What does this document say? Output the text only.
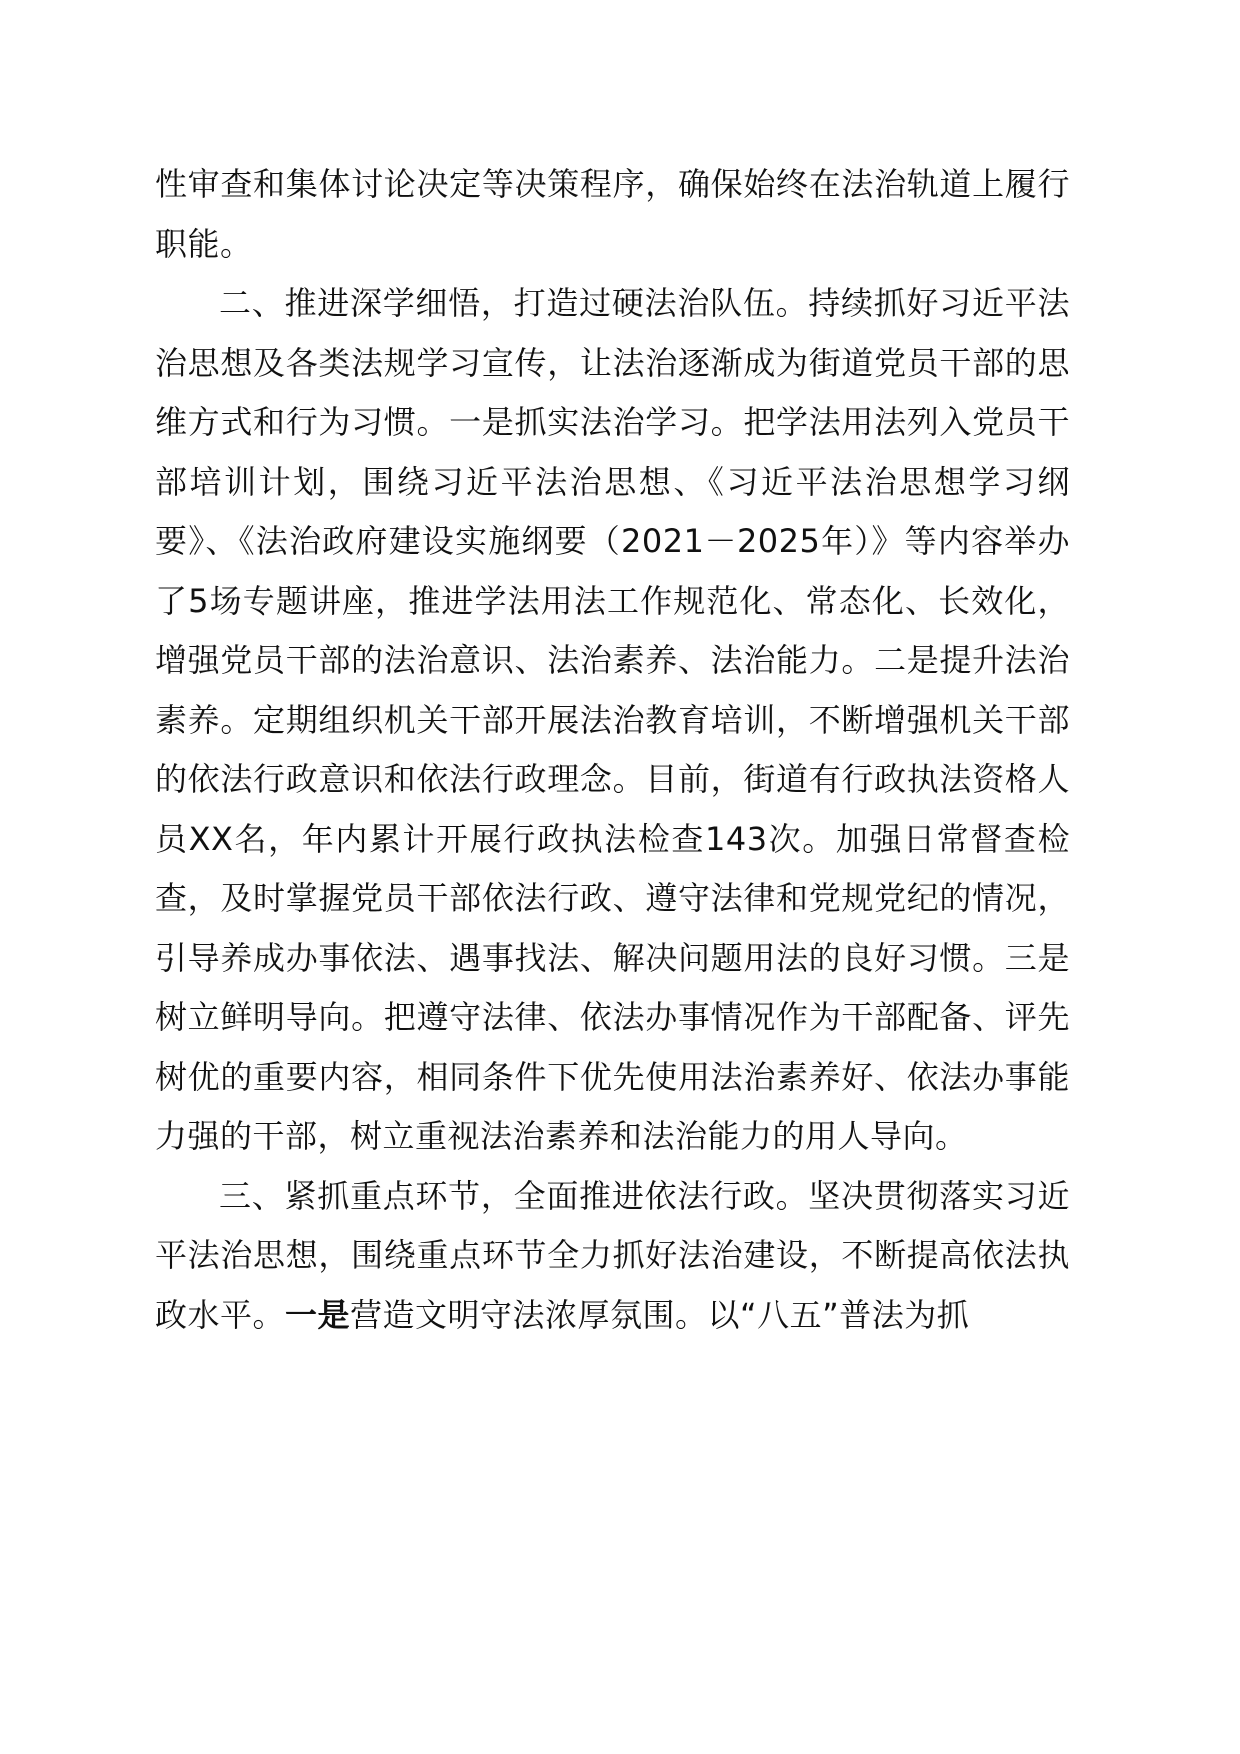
性审查和集体讨论决定等决策程序，确保始终在法治轨道上履行职能。

二、推进深学细悟，打造过硬法治队伍。持续抓好习近平法治思想及各类法规学习宣传，让法治逐渐成为街道党员干部的思维方式和行为习惯。一是抓实法治学习。把学法用法列入党员干部培训计划，围绕习近平法治思想、《习近平法治思想学习纲要》、《法治政府建设实施纲要（2021－2025年）》等内容举办了5场专题讲座，推进学法用法工作规范化、常态化、长效化，增强党员干部的法治意识、法治素养、法治能力。二是提升法治素养。定期组织机关干部开展法治教育培训，不断增强机关干部的依法行政意识和依法行政理念。目前，街道有行政执法资格人员XX名，年内累计开展行政执法检查143次。加强日常督查检查，及时掌握党员干部依法行政、遵守法律和党规党纪的情况，引导养成办事依法、遇事找法、解决问题用法的良好习惯。三是树立鲜明导向。把遵守法律、依法办事情况作为干部配备、评先树优的重要内容，相同条件下优先使用法治素养好、依法办事能力强的干部，树立重视法治素养和法治能力的用人导向。

三、紧抓重点环节，全面推进依法行政。坚决贯彻落实习近平法治思想，围绕重点环节全力抓好法治建设，不断提高依法执政水平。一是营造文明守法浓厚氛围。以“八五”普法为抓
